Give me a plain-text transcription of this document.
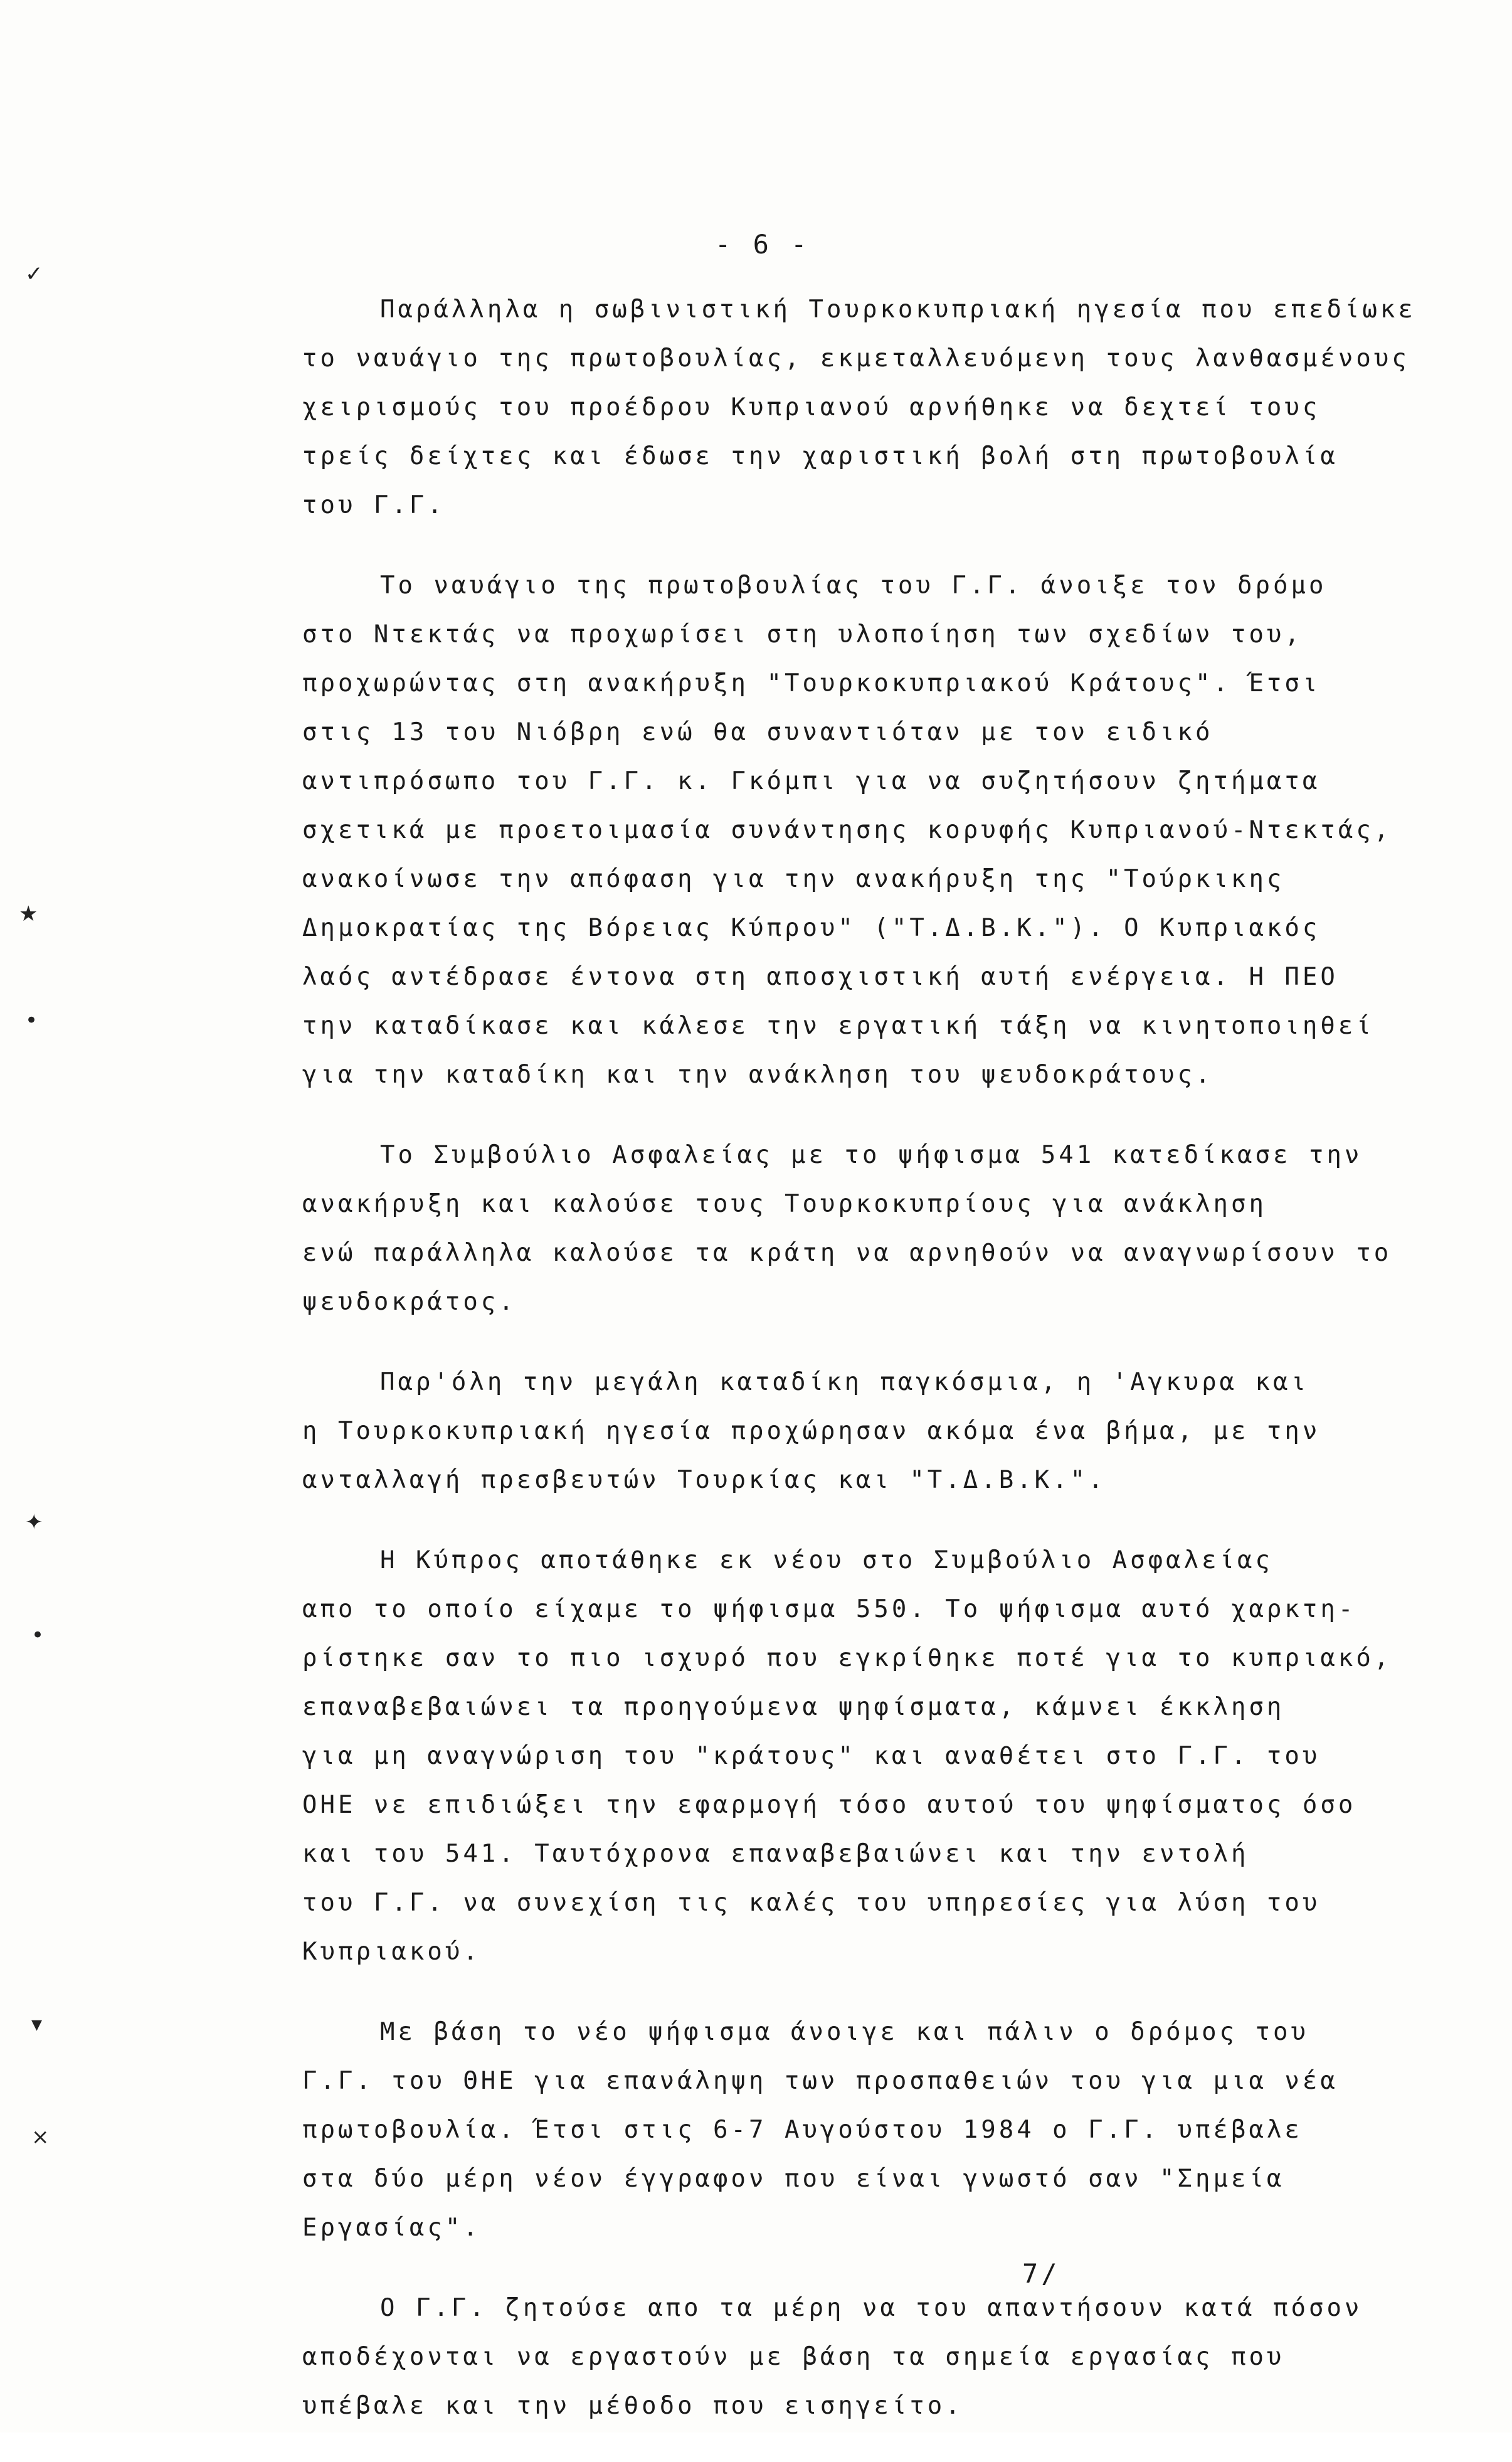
- 6 -
Παράλληλα η σωβινιστική Τουρκοκυπριακή ηγεσία που επεδίωκε
το ναυάγιο της πρωτοβουλίας, εκμεταλλευόμενη τους λανθασμένους
χειρισμούς του προέδρου Κυπριανού αρνήθηκε να δεχτεί τους
τρείς δείχτες και έδωσε την χαριστική βολή στη πρωτοβουλία
του Γ.Γ.
Το ναυάγιο της πρωτοβουλίας του Γ.Γ. άνοιξε τον δρόμο
στο Ντεκτάς να προχωρίσει στη υλοποίηση των σχεδίων του,
προχωρώντας στη ανακήρυξη "Τουρκοκυπριακού Κράτους". Έτσι
στις 13 του Νιόβρη ενώ θα συναντιόταν με τον ειδικό
αντιπρόσωπο του Γ.Γ. κ. Γκόμπι για να συζητήσουν ζητήματα
σχετικά με προετοιμασία συνάντησης κορυφής Κυπριανού-Ντεκτάς,
ανακοίνωσε την απόφαση για την ανακήρυξη της "Τούρκικης
Δημοκρατίας της Βόρειας Κύπρου" ("Τ.Δ.Β.Κ."). Ο Κυπριακός
λαός αντέδρασε έντονα στη αποσχιστική αυτή ενέργεια. Η ΠΕΟ
την καταδίκασε και κάλεσε την εργατική τάξη να κινητοποιηθεί
για την καταδίκη και την ανάκληση του ψευδοκράτους.
Το Συμβούλιο Ασφαλείας με το ψήφισμα 541 κατεδίκασε την
ανακήρυξη και καλούσε τους Τουρκοκυπρίους για ανάκληση
ενώ παράλληλα καλούσε τα κράτη να αρνηθούν να αναγνωρίσουν το
ψευδοκράτος.
Παρ'όλη την μεγάλη καταδίκη παγκόσμια, η 'Αγκυρα και
η Τουρκοκυπριακή ηγεσία προχώρησαν ακόμα ένα βήμα, με την
ανταλλαγή πρεσβευτών Τουρκίας και "Τ.Δ.Β.Κ.".
Η Κύπρος αποτάθηκε εκ νέου στο Συμβούλιο Ασφαλείας
απο το οποίο είχαμε το ψήφισμα 550. Το ψήφισμα αυτό χαρκτη-
ρίστηκε σαν το πιο ισχυρό που εγκρίθηκε ποτέ για το κυπριακό,
επαναβεβαιώνει τα προηγούμενα ψηφίσματα, κάμνει έκκληση
για μη αναγνώριση του "κράτους" και αναθέτει στο Γ.Γ. του
ΟΗΕ νε επιδιώξει την εφαρμογή τόσο αυτού του ψηφίσματος όσο
και του 541. Ταυτόχρονα επαναβεβαιώνει και την εντολή
του Γ.Γ. να συνεχίση τις καλές του υπηρεσίες για λύση του
Κυπριακού.
Με βάση το νέο ψήφισμα άνοιγε και πάλιν ο δρόμος του
Γ.Γ. του ΘΗΕ για επανάληψη των προσπαθειών του για μια νέα
πρωτοβουλία. Έτσι στις 6-7 Αυγούστου 1984 ο Γ.Γ. υπέβαλε
στα δύο μέρη νέον έγγραφον που είναι γνωστό σαν "Σημεία
Εργασίας".
Ο Γ.Γ. ζητούσε απο τα μέρη να του απαντήσουν κατά πόσον
αποδέχονται να εργαστούν με βάση τα σημεία εργασίας που
υπέβαλε και την μέθοδο που εισηγείτο.
7/
✓
★
•
✦
•
▾
×
